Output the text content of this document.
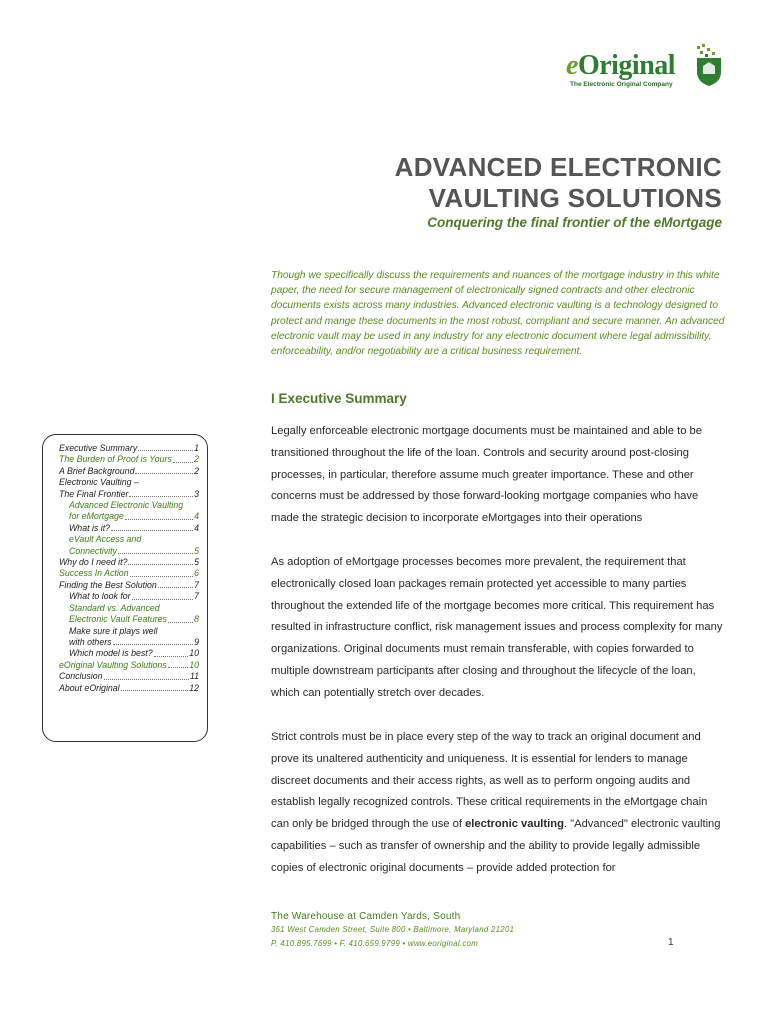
eOriginal
The Electronic Original Company
ADVANCED ELECTRONIC
VAULTING SOLUTIONS
Conquering the final frontier of the eMortgage
Though we specifically discuss the requirements and nuances of the mortgage industry in this white paper, the need for secure management of electronically signed contracts and other electronic documents exists across many industries. Advanced electronic vaulting is a technology designed to protect and mange these documents in the most robust, compliant and secure manner. An advanced electronic vault may be used in any industry for any electronic document where legal admissibility, enforceability, and/or negotiability are a critical business requirement.
I Executive Summary
Legally enforceable electronic mortgage documents must be maintained and able to be transitioned throughout the life of the loan. Controls and security around post-closing processes, in particular, therefore assume much greater importance. These and other concerns must be addressed by those forward-looking mortgage companies who have made the strategic decision to incorporate eMortgages into their operations
As adoption of eMortgage processes becomes more prevalent, the requirement that electronically closed loan packages remain protected yet accessible to many parties throughout the extended life of the mortgage becomes more critical. This requirement has resulted in infrastructure conflict, risk management issues and process complexity for many organizations. Original documents must remain transferable, with copies forwarded to multiple downstream participants after closing and throughout the lifecycle of the loan, which can potentially stretch over decades.
Strict controls must be in place every step of the way to track an original document and prove its unaltered authenticity and uniqueness. It is essential for lenders to manage discreet documents and their access rights, as well as to perform ongoing audits and establish legally recognized controls. These critical requirements in the eMortgage chain can only be bridged through the use of electronic vaulting. "Advanced" electronic vaulting capabilities – such as transfer of ownership and the ability to provide legally admissible copies of electronic original documents – provide added protection for
Executive Summary	1
The Burden of Proof is Yours	2
A Brief Background	2
Electronic Vaulting –
The Final Frontier	3
Advanced Electronic Vaulting
for eMortgage	4
What is it?	4
eVault Access and
Connectivity	5
Why do I need it?	5
Success In Action	6
Finding the Best Solution	7
What to look for	7
Standard vs. Advanced
Electronic Vault Features	8
Make sure it plays well
with others	9
Which model is best?	10
eOriginal Vaulting Solutions	10
Conclusion	11
About eOriginal	12
The Warehouse at Camden Yards, South
351 West Camden Street, Suite 800 • Baltimore, Maryland 21201
P. 410.895.7699 • F. 410.659.9799 • www.eoriginal.com	1
